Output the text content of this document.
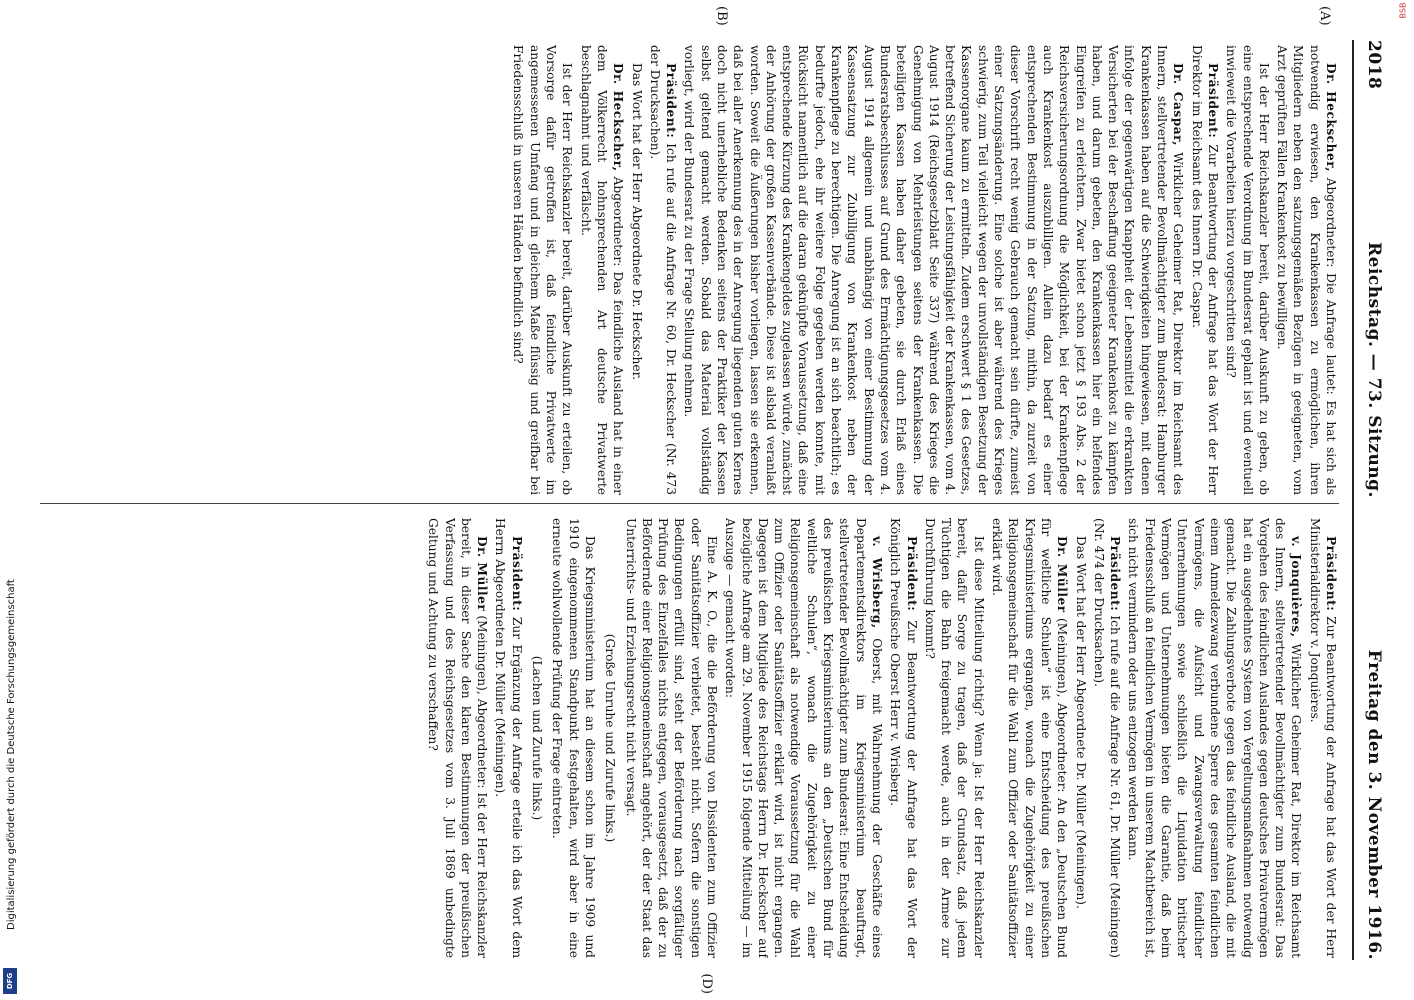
2018
Reichstag. — 73. Sitzung.
Freitag den 3. November 1916.
(A)
(B)
(D)

Dr. Heckscher, Abgeordneter: Die Anfrage lautet: Es hat sich als notwendig erwiesen, den Krankenkassen zu ermöglichen, ihren Mitgliedern neben den satzungsgemäßen Bezügen in geeigneten, vom Arzt geprüften Fällen Krankenkost zu bewilligen.

Ist der Herr Reichskanzler bereit, darüber Auskunft zu geben, ob eine entsprechende Verordnung im Bundesrat geplant ist und eventuell inwieweit die Vorarbeiten hierzu vorgeschritten sind?

Präsident: Zur Beantwortung der Anfrage hat das Wort der Herr Direktor im Reichsamt des Innern Dr. Caspar.

Dr. Caspar, Wirklicher Geheimer Rat, Direktor im Reichsamt des Innern, stellvertretender Bevollmächtigter zum Bundesrat: Hamburger Krankenkassen haben auf die Schwierigkeiten hingewiesen, mit denen infolge der gegenwärtigen Knappheit der Lebensmittel die erkrankten Versicherten bei der Beschaffung geeigneter Krankenkost zu kämpfen haben, und darum gebeten, den Krankenkassen hier ein helfendes Eingreifen zu erleichtern. Zwar bietet schon jetzt § 193 Abs. 2 der Reichsversicherungsordnung die Möglichkeit, bei der Krankenpflege auch Krankenkost auszubilligen. Allein dazu bedarf es einer entsprechenden Bestimmung in der Satzung, mithin, da zurzeit von dieser Vorschrift recht wenig Gebrauch gemacht sein dürfte, zumeist einer Satzungsänderung. Eine solche ist aber während des Krieges schwierig, zum Teil vielleicht wegen der unvollständigen Besetzung der Kassenorgane kaum zu ermitteln. Zudem erschwert § 1 des Gesetzes, betreffend Sicherung der Leistungsfähigkeit der Krankenkassen, vom 4. August 1914 (Reichsgesetzblatt Seite 337) während des Krieges die Genehmigung von Mehrleistungen seitens der Krankenkassen. Die beteiligten Kassen haben daher gebeten, sie durch Erlaß eines Bundesratsbeschlusses auf Grund des Ermächtigungsgesetzes vom 4. August 1914 allgemein und unabhängig von einer Bestimmung der Kassensatzung zur Zubilligung von Krankenkost neben der Krankenpflege zu berechtigen. Die Anregung ist an sich beachtlich; es bedurfte jedoch, ehe ihr weitere Folge gegeben werden konnte, mit Rücksicht namentlich auf die daran geknüpfte Voraussetzung, daß eine entsprechende Kürzung des Krankengeldes zugelassen würde, zunächst der Anhörung der großen Kassenverbände. Diese ist alsbald veranlaßt worden. Soweit die Äußerungen bisher vorliegen, lassen sie erkennen, daß bei aller Anerkennung des in der Anregung liegenden guten Kernes doch nicht unerhebliche Bedenken seitens der Praktiker der Kassen selbst geltend gemacht werden. Sobald das Material vollständig vorliegt, wird der Bundesrat zu der Frage Stellung nehmen.

Präsident: Ich rufe auf die Anfrage Nr. 60, Dr. Heckscher (Nr. 473 der Drucksachen).

Das Wort hat der Herr Abgeordnete Dr. Heckscher.

Dr. Heckscher, Abgeordneter: Das feindliche Ausland hat in einer dem Völkerrecht hohnsprechenden Art deutsche Privatwerte beschlagnahmt und verfälscht.

Ist der Herr Reichskanzler bereit, darüber Auskunft zu erteilen, ob Vorsorge dafür getroffen ist, daß feindliche Privatwerte im angemessenen Umfang und in gleichem Maße flüssig und greifbar bei Friedensschluß in unseren Händen befindlich sind?

Präsident: Zur Beantwortung der Anfrage hat das Wort der Herr Ministerialdirektor v. Jonquières.

v. Jonquières, Wirklicher Geheimer Rat, Direktor im Reichsamt des Innern, stellvertretender Bevollmächtigter zum Bundesrat: Das Vorgehen des feindlichen Auslandes gegen deutsches Privatvermögen hat ein ausgedehntes System von Vergeltungsmaßnahmen notwendig gemacht. Die Zahlungsverbote gegen das feindliche Ausland, die mit einem Anmeldezwang verbundene Sperre des gesamten feindlichen Vermögens, die Aufsicht und Zwangsverwaltung feindlicher Unternehmungen sowie schließlich die Liquidation britischer Vermögen und Unternehmungen bieten die Garantie, daß beim Friedensschluß an feindlichen Vermögen in unserem Machtbereich ist, sich nicht vermindern oder uns entzogen werden kann.

Präsident: Ich rufe auf die Anfrage Nr. 61, Dr. Müller (Meiningen) (Nr. 474 der Drucksachen).

Das Wort hat der Herr Abgeordnete Dr. Müller (Meiningen).

Dr. Müller (Meiningen), Abgeordneter: An den „Deutschen Bund für weltliche Schulen“ ist eine Entscheidung des preußischen Kriegsministeriums ergangen, wonach die Zugehörigkeit zu einer Religionsgemeinschaft für die Wahl zum Offizier oder Sanitätsoffizier erklärt wird.

Ist diese Mitteilung richtig? Wenn ja: Ist der Herr Reichskanzler bereit, dafür Sorge zu tragen, daß der Grundsatz, daß jedem Tüchtigen die Bahn freigemacht werde, auch in der Armee zur Durchführung kommt?

Präsident: Zur Beantwortung der Anfrage hat das Wort der Königlich Preußische Oberst Herr v. Wrisberg.

v. Wrisberg, Oberst, mit Wahrnehmung der Geschäfte eines Departementsdirektors im Kriegsministerium beauftragt, stellvertretender Bevollmächtigter zum Bundesrat: Eine Entscheidung des preußischen Kriegsministeriums an den „Deutschen Bund für weltliche Schulen“, wonach die Zugehörigkeit zu einer Religionsgemeinschaft als notwendige Voraussetzung für die Wahl zum Offizier oder Sanitätsoffizier erklärt wird, ist nicht ergangen. Dagegen ist dem Mitgliede des Reichstags Herrn Dr. Heckscher auf bezügliche Anfrage am 29. November 1915 folgende Mitteilung — im Auszuge — gemacht worden:

Eine A. K. O., die die Beförderung von Dissidenten zum Offizier oder Sanitätsoffizier verbietet, besteht nicht. Sofern die sonstigen Bedingungen erfüllt sind, steht der Beförderung nach sorgfältiger Prüfung des Einzelfalles nichts entgegen, vorausgesetzt, daß der zu Befördernde einer Religionsgemeinschaft angehört, der der Staat das Unterrichts- und Erziehungsrecht nicht versagt.

(Große Unruhe und Zurufe links.)

Das Kriegsministerium hat an diesem schon im Jahre 1909 und 1910 eingenommenen Standpunkt festgehalten, wird aber in eine erneute wohlwollende Prüfung der Frage eintreten.

(Lachen und Zurufe links.)

Präsident: Zur Ergänzung der Anfrage erteile ich das Wort dem Herrn Abgeordneten Dr. Müller (Meiningen).

Dr. Müller (Meiningen), Abgeordneter: Ist der Herr Reichskanzler bereit, in dieser Sache den klaren Bestimmungen der preußischen Verfassung und des Reichsgesetzes vom 3. Juli 1869 unbedingte Geltung und Achtung zu verschaffen?

Digitalisierung gefördert durch die Deutsche Forschungsgemeinschaft
DFG
BSB
